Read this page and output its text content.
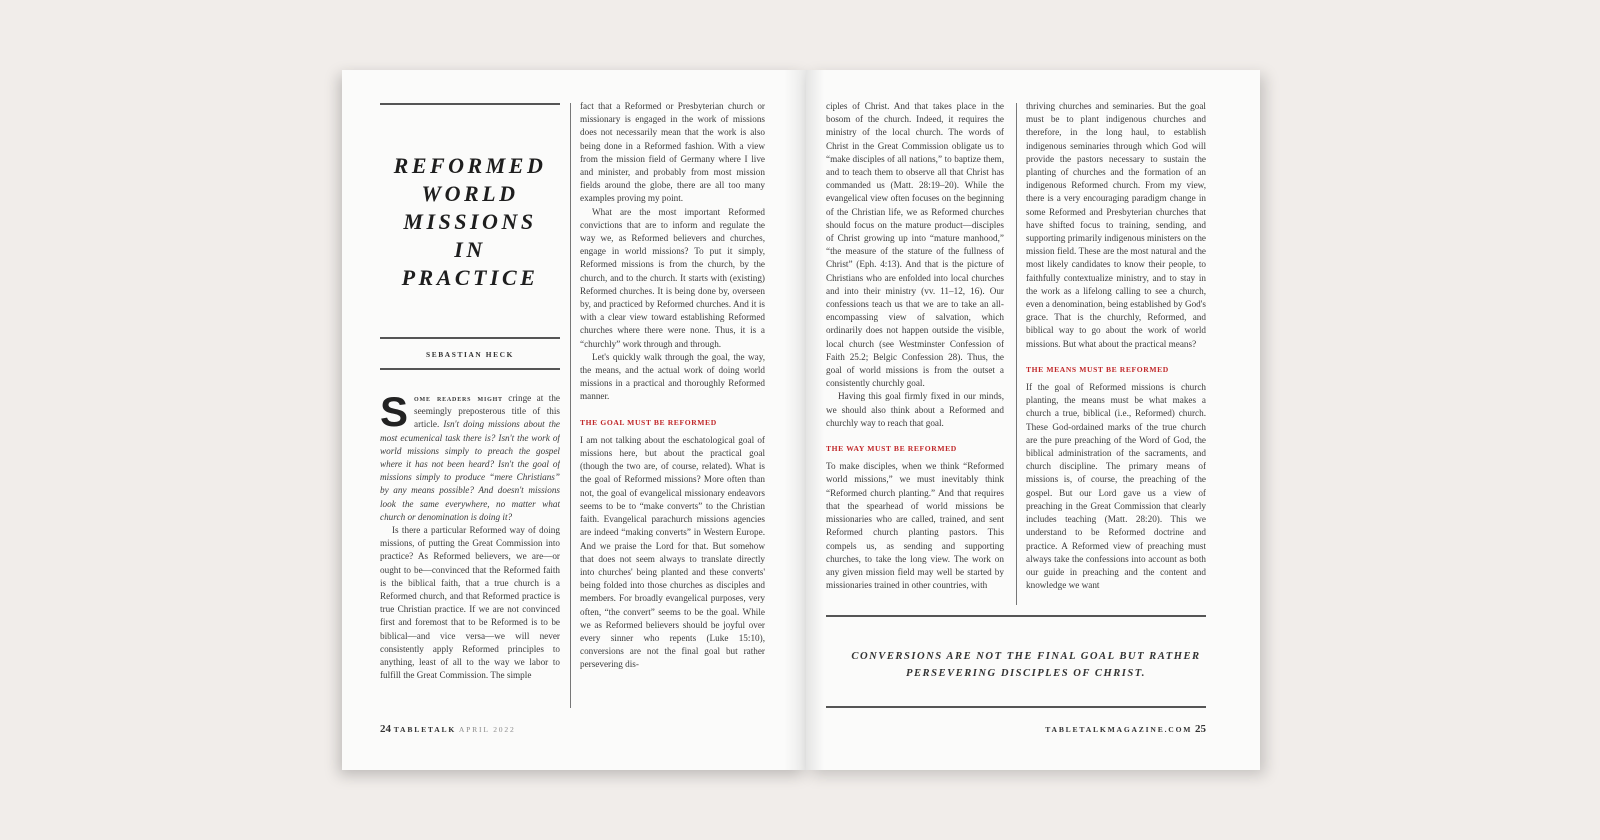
REFORMED
WORLD
MISSIONS
IN
PRACTICE
SEBASTIAN HECK

Some readers might cringe at the seemingly preposterous title of this article. Isn't doing missions about the most ecumenical task there is? Isn't the work of world missions simply to preach the gospel where it has not been heard? Isn't the goal of missions simply to produce “mere Christians” by any means possible? And doesn't missions look the same everywhere, no matter what church or denomination is doing it?

Is there a particular Reformed way of doing missions, of putting the Great Commission into practice? As Reformed believers, we are—or ought to be—convinced that the Reformed faith is the biblical faith, that a true church is a Reformed church, and that Reformed practice is true Christian practice. If we are not convinced first and foremost that to be Reformed is to be biblical—and vice versa—we will never consistently apply Reformed principles to anything, least of all to the way we labor to fulfill the Great Commission. The simple

fact that a Reformed or Presbyterian church or missionary is engaged in the work of missions does not necessarily mean that the work is also being done in a Reformed fashion. With a view from the mission field of Germany where I live and minister, and probably from most mission fields around the globe, there are all too many examples proving my point.

What are the most important Reformed convictions that are to inform and regulate the way we, as Reformed believers and churches, engage in world missions? To put it simply, Reformed missions is from the church, by the church, and to the church. It starts with (existing) Reformed churches. It is being done by, overseen by, and practiced by Reformed churches. And it is with a clear view toward establishing Reformed churches where there were none. Thus, it is a “churchly” work through and through.

Let's quickly walk through the goal, the way, the means, and the actual work of doing world missions in a practical and thoroughly Reformed manner.

THE GOAL MUST BE REFORMED

I am not talking about the eschatological goal of missions here, but about the practical goal (though the two are, of course, related). What is the goal of Reformed missions? More often than not, the goal of evangelical missionary endeavors seems to be to “make converts” to the Christian faith. Evangelical parachurch missions agencies are indeed “making converts” in Western Europe. And we praise the Lord for that. But somehow that does not seem always to translate directly into churches' being planted and these converts' being folded into those churches as disciples and members. For broadly evangelical purposes, very often, “the convert” seems to be the goal. While we as Reformed believers should be joyful over every sinner who repents (Luke 15:10), conversions are not the final goal but rather persevering dis-

24 TABLETALK APRIL 2022

ciples of Christ. And that takes place in the bosom of the church. Indeed, it requires the ministry of the local church. The words of Christ in the Great Commission obligate us to “make disciples of all nations,” to baptize them, and to teach them to observe all that Christ has commanded us (Matt. 28:19–20). While the evangelical view often focuses on the beginning of the Christian life, we as Reformed churches should focus on the mature product—disciples of Christ growing up into “mature manhood,” “the measure of the stature of the fullness of Christ” (Eph. 4:13). And that is the picture of Christians who are enfolded into local churches and into their ministry (vv. 11–12, 16). Our confessions teach us that we are to take an all-encompassing view of salvation, which ordinarily does not happen outside the visible, local church (see Westminster Confession of Faith 25.2; Belgic Confession 28). Thus, the goal of world missions is from the outset a consistently churchly goal.

Having this goal firmly fixed in our minds, we should also think about a Reformed and churchly way to reach that goal.

THE WAY MUST BE REFORMED

To make disciples, when we think “Reformed world missions,” we must inevitably think “Reformed church planting.” And that requires that the spearhead of world missions be missionaries who are called, trained, and sent Reformed church planting pastors. This compels us, as sending and supporting churches, to take the long view. The work on any given mission field may well be started by missionaries trained in other countries, with

thriving churches and seminaries. But the goal must be to plant indigenous churches and therefore, in the long haul, to establish indigenous seminaries through which God will provide the pastors necessary to sustain the planting of churches and the formation of an indigenous Reformed church. From my view, there is a very encouraging paradigm change in some Reformed and Presbyterian churches that have shifted focus to training, sending, and supporting primarily indigenous ministers on the mission field. These are the most natural and the most likely candidates to know their people, to faithfully contextualize ministry, and to stay in the work as a lifelong calling to see a church, even a denomination, being established by God's grace. That is the churchly, Reformed, and biblical way to go about the work of world missions. But what about the practical means?

THE MEANS MUST BE REFORMED

If the goal of Reformed missions is church planting, the means must be what makes a church a true, biblical (i.e., Reformed) church. These God-ordained marks of the true church are the pure preaching of the Word of God, the biblical administration of the sacraments, and church discipline. The primary means of missions is, of course, the preaching of the gospel. But our Lord gave us a view of preaching in the Great Commission that clearly includes teaching (Matt. 28:20). This we understand to be Reformed doctrine and practice. A Reformed view of preaching must always take the confessions into account as both our guide in preaching and the content and knowledge we want

CONVERSIONS ARE NOT THE FINAL GOAL BUT RATHER PERSEVERING DISCIPLES OF CHRIST.
TABLETALKMAGAZINE.COM 25
